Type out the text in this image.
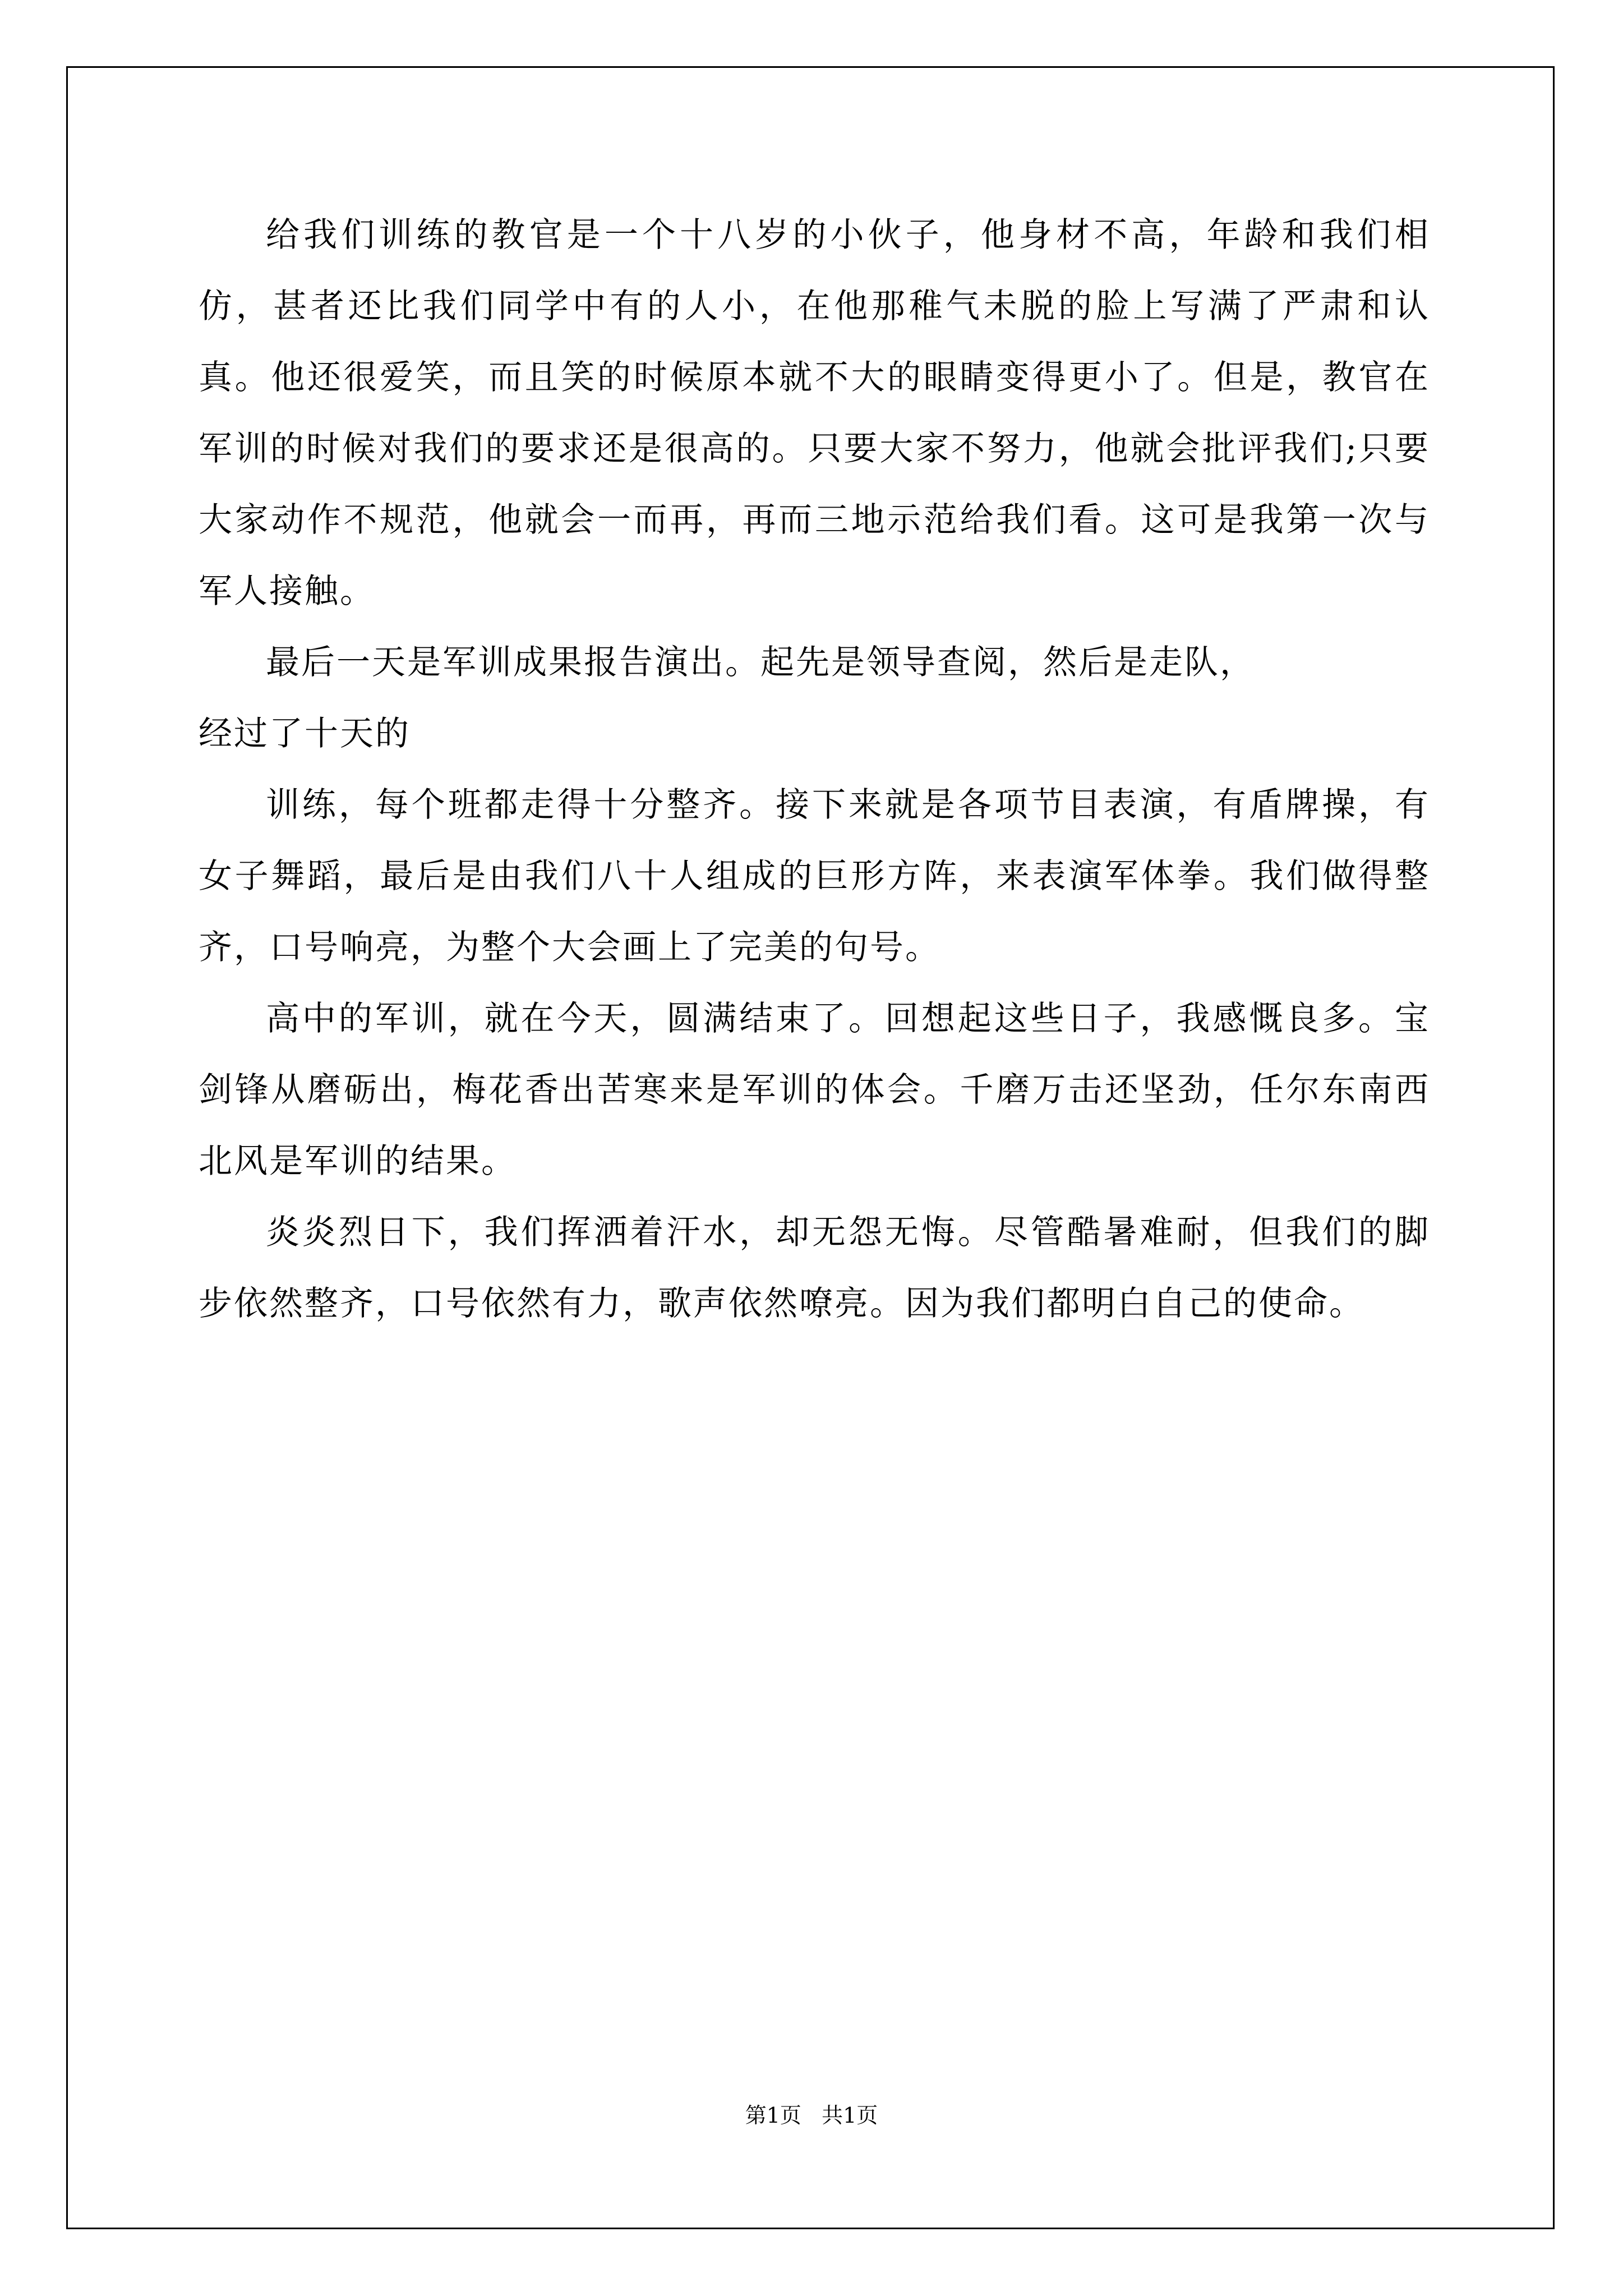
给我们训练的教官是一个十八岁的小伙子，他身材不高，年龄和我们相仿，甚者还比我们同学中有的人小，在他那稚气未脱的脸上写满了严肃和认真。他还很爱笑，而且笑的时候原本就不大的眼睛变得更小了。但是，教官在军训的时候对我们的要求还是很高的。只要大家不努力，他就会批评我们;只要大家动作不规范，他就会一而再，再而三地示范给我们看。这可是我第一次与军人接触。

最后一天是军训成果报告演出。起先是领导查阅，然后是走队，

经过了十天的

训练，每个班都走得十分整齐。接下来就是各项节目表演，有盾牌操，有女子舞蹈，最后是由我们八十人组成的巨形方阵，来表演军体拳。我们做得整齐，口号响亮，为整个大会画上了完美的句号。

高中的军训，就在今天，圆满结束了。回想起这些日子，我感慨良多。宝剑锋从磨砺出，梅花香出苦寒来是军训的体会。千磨万击还坚劲，任尔东南西北风是军训的结果。

炎炎烈日下，我们挥洒着汗水，却无怨无悔。尽管酷暑难耐，但我们的脚步依然整齐，口号依然有力，歌声依然嘹亮。因为我们都明白自己的使命。

第1页 共1页
